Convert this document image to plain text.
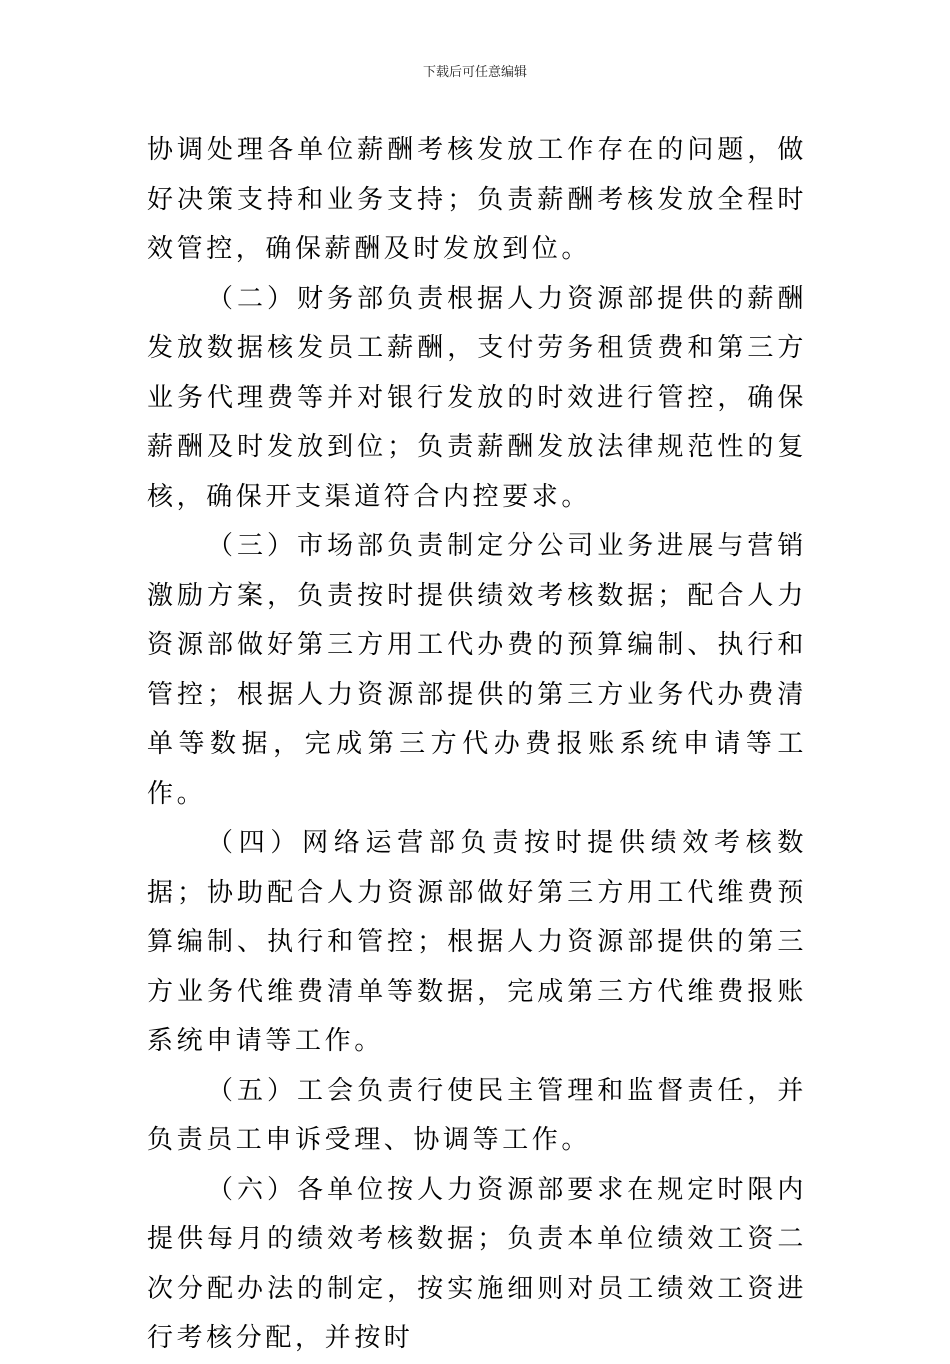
下载后可任意编辑

协调处理各单位薪酬考核发放工作存在的问题，做好决策支持和业务支持；负责薪酬考核发放全程时效管控，确保薪酬及时发放到位。

（二）财务部负责根据人力资源部提供的薪酬发放数据核发员工薪酬，支付劳务租赁费和第三方业务代理费等并对银行发放的时效进行管控，确保薪酬及时发放到位；负责薪酬发放法律规范性的复核，确保开支渠道符合内控要求。

（三）市场部负责制定分公司业务进展与营销激励方案，负责按时提供绩效考核数据；配合人力资源部做好第三方用工代办费的预算编制、执行和管控；根据人力资源部提供的第三方业务代办费清单等数据，完成第三方代办费报账系统申请等工作。

（四）网络运营部负责按时提供绩效考核数据；协助配合人力资源部做好第三方用工代维费预算编制、执行和管控；根据人力资源部提供的第三方业务代维费清单等数据，完成第三方代维费报账系统申请等工作。

（五）工会负责行使民主管理和监督责任，并负责员工申诉受理、协调等工作。

（六）各单位按人力资源部要求在规定时限内提供每月的绩效考核数据；负责本单位绩效工资二次分配办法的制定，按实施细则对员工绩效工资进行考核分配，并按时
